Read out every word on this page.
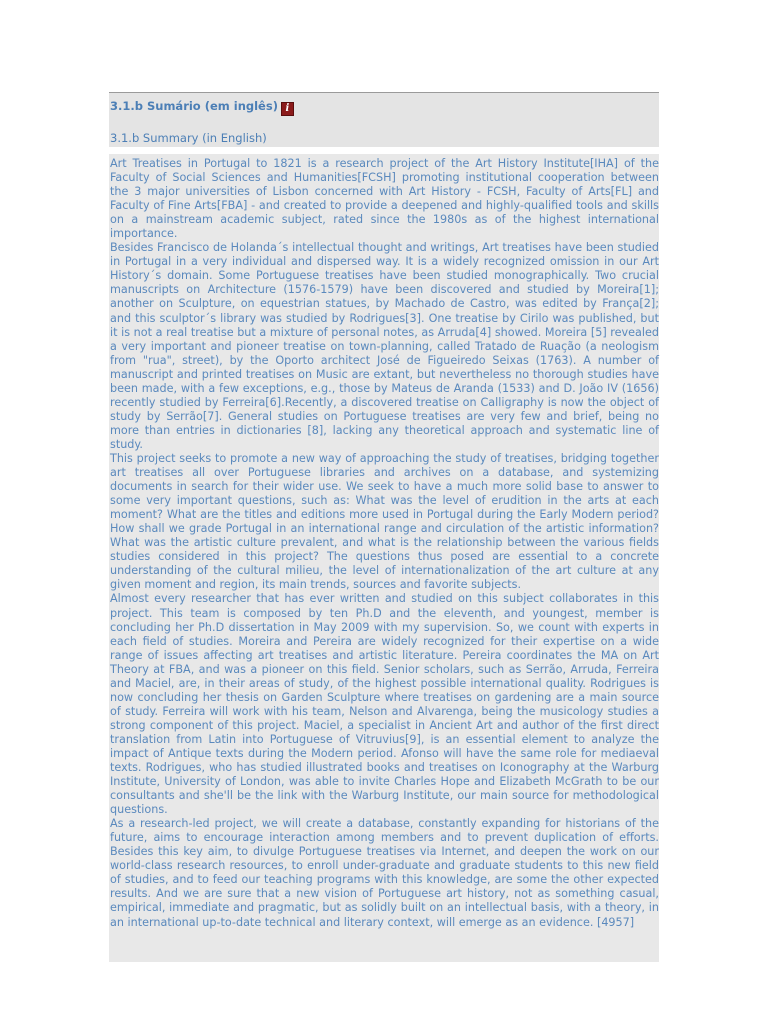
3.1.b Sumário (em inglês) i
3.1.b Summary (in English)

Art Treatises in Portugal to 1821 is a research project of the Art History Institute[IHA] of the Faculty of Social Sciences and Humanities[FCSH] promoting institutional cooperation between the 3 major universities of Lisbon concerned with Art History - FCSH, Faculty of Arts[FL] and Faculty of Fine Arts[FBA] - and created to provide a deepened and highly-qualified tools and skills on a mainstream academic subject, rated since the 1980s as of the highest international importance.

Besides Francisco de Holanda´s intellectual thought and writings, Art treatises have been studied in Portugal in a very individual and dispersed way. It is a widely recognized omission in our Art History´s domain. Some Portuguese treatises have been studied monographically. Two crucial manuscripts on Architecture (1576-1579) have been discovered and studied by Moreira[1]; another on Sculpture, on equestrian statues, by Machado de Castro, was edited by França[2]; and this sculptor´s library was studied by Rodrigues[3]. One treatise by Cirilo was published, but it is not a real treatise but a mixture of personal notes, as Arruda[4] showed. Moreira [5] revealed a very important and pioneer treatise on town-planning, called Tratado de Ruação (a neologism from "rua", street), by the Oporto architect José de Figueiredo Seixas (1763). A number of manuscript and printed treatises on Music are extant, but nevertheless no thorough studies have been made, with a few exceptions, e.g., those by Mateus de Aranda (1533) and D. João IV (1656) recently studied by Ferreira[6].Recently, a discovered treatise on Calligraphy is now the object of study by Serrão[7]. General studies on Portuguese treatises are very few and brief, being no more than entries in dictionaries [8], lacking any theoretical approach and systematic line of study.

This project seeks to promote a new way of approaching the study of treatises, bridging together art treatises all over Portuguese libraries and archives on a database, and systemizing documents in search for their wider use. We seek to have a much more solid base to answer to some very important questions, such as: What was the level of erudition in the arts at each moment? What are the titles and editions more used in Portugal during the Early Modern period? How shall we grade Portugal in an international range and circulation of the artistic information? What was the artistic culture prevalent, and what is the relationship between the various fields studies considered in this project? The questions thus posed are essential to a concrete understanding of the cultural milieu, the level of internationalization of the art culture at any given moment and region, its main trends, sources and favorite subjects.

Almost every researcher that has ever written and studied on this subject collaborates in this project. This team is composed by ten Ph.D and the eleventh, and youngest, member is concluding her Ph.D dissertation in May 2009 with my supervision. So, we count with experts in each field of studies. Moreira and Pereira are widely recognized for their expertise on a wide range of issues affecting art treatises and artistic literature. Pereira coordinates the MA on Art Theory at FBA, and was a pioneer on this field. Senior scholars, such as Serrão, Arruda, Ferreira and Maciel, are, in their areas of study, of the highest possible international quality. Rodrigues is now concluding her thesis on Garden Sculpture where treatises on gardening are a main source of study. Ferreira will work with his team, Nelson and Alvarenga, being the musicology studies a strong component of this project. Maciel, a specialist in Ancient Art and author of the first direct translation from Latin into Portuguese of Vitruvius[9], is an essential element to analyze the impact of Antique texts during the Modern period. Afonso will have the same role for mediaeval texts. Rodrigues, who has studied illustrated books and treatises on Iconography at the Warburg Institute, University of London, was able to invite Charles Hope and Elizabeth McGrath to be our consultants and she'll be the link with the Warburg Institute, our main source for methodological questions.

As a research-led project, we will create a database, constantly expanding for historians of the future, aims to encourage interaction among members and to prevent duplication of efforts. Besides this key aim, to divulge Portuguese treatises via Internet, and deepen the work on our world-class research resources, to enroll under-graduate and graduate students to this new field of studies, and to feed our teaching programs with this knowledge, are some the other expected results. And we are sure that a new vision of Portuguese art history, not as something casual, empirical, immediate and pragmatic, but as solidly built on an intellectual basis, with a theory, in an international up-to-date technical and literary context, will emerge as an evidence. [4957]
